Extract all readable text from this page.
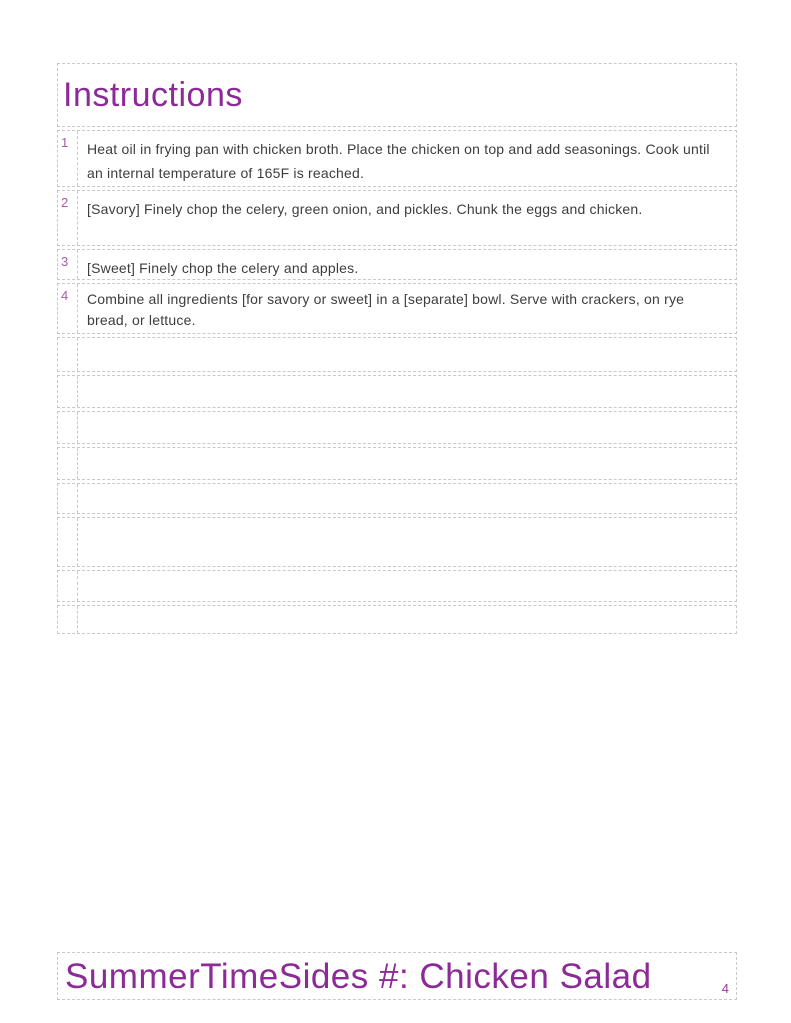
Instructions
1	Heat oil in frying pan with chicken broth. Place the chicken on top and add seasonings. Cook until an internal temperature of 165F is reached.
2	[Savory] Finely chop the celery, green onion, and pickles. Chunk the eggs and chicken.
3	[Sweet] Finely chop the celery and apples.
4	Combine all ingredients [for savory or sweet] in a [separate] bowl. Serve with crackers, on rye bread, or lettuce.
SummerTimeSides #: Chicken Salad	4
